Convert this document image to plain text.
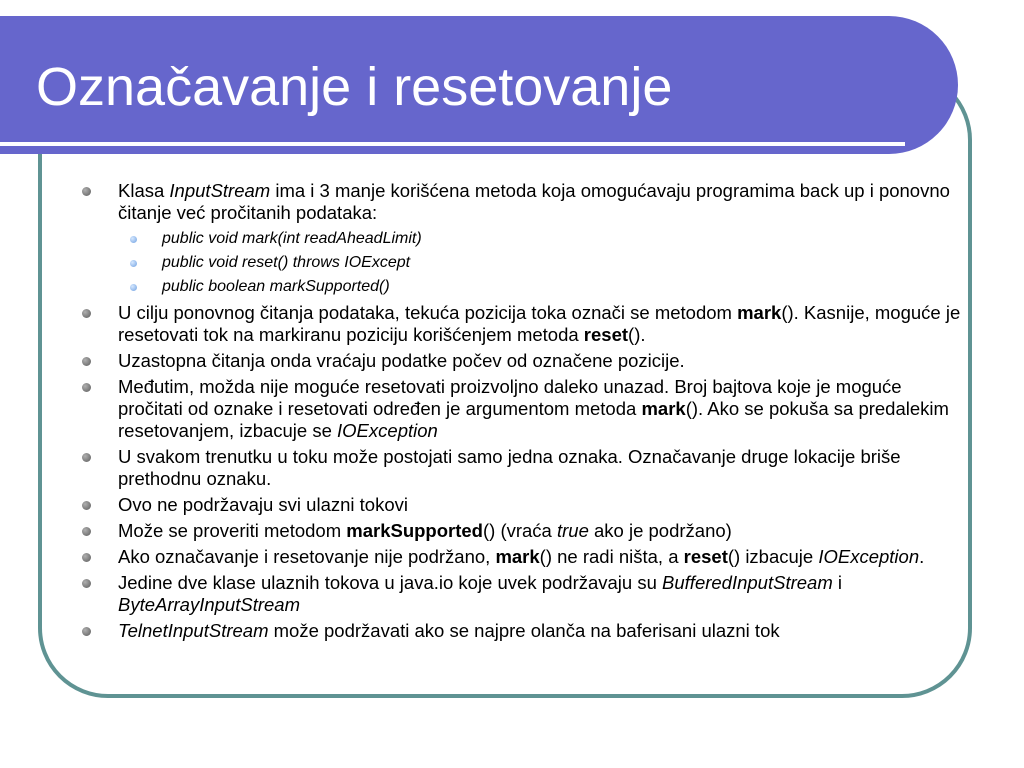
Označavanje i resetovanje
Klasa InputStream ima i 3 manje korišćena metoda koja omogućavaju programima back up i ponovno čitanje već pročitanih podataka:
public void mark(int readAheadLimit)
public void reset() throws IOExcept
public boolean markSupported()
U cilju ponovnog čitanja podataka, tekuća pozicija toka označi se metodom mark(). Kasnije, moguće je resetovati tok na markiranu poziciju korišćenjem metoda reset().
Uzastopna čitanja onda vraćaju podatke počev od označene pozicije.
Međutim, možda nije moguće resetovati proizvoljno daleko unazad. Broj bajtova koje je moguće pročitati od oznake i resetovati određen je argumentom metoda mark(). Ako se pokuša sa predalekim resetovanjem, izbacuje se IOException
U svakom trenutku u toku može postojati samo jedna oznaka. Označavanje druge lokacije briše prethodnu oznaku.
Ovo ne podržavaju svi ulazni tokovi
Može se proveriti metodom markSupported() (vraća true ako je podržano)
Ako označavanje i resetovanje nije podržano, mark() ne radi ništa, a reset() izbacuje IOException.
Jedine dve klase ulaznih tokova u java.io koje uvek podržavaju su BufferedInputStream i ByteArrayInputStream
TelnetInputStream može podržavati ako se najpre olanča na baferisani ulazni tok
